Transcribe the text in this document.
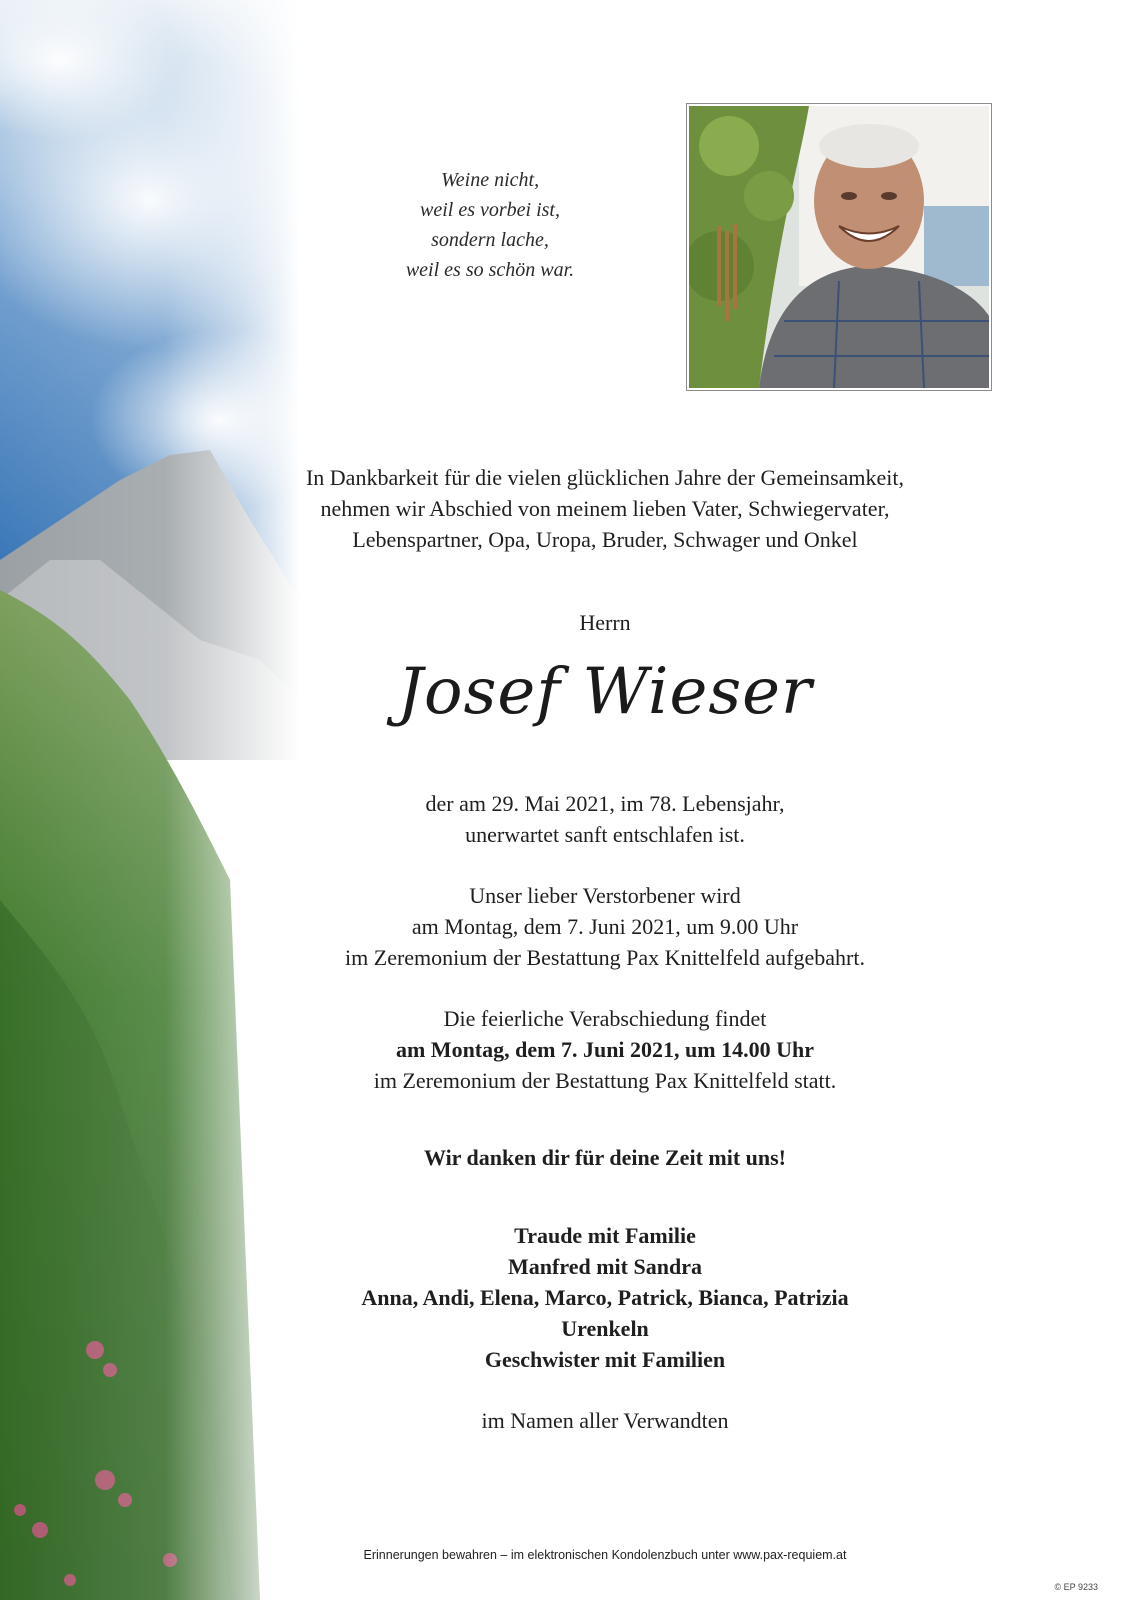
Weine nicht,
weil es vorbei ist,
sondern lache,
weil es so schön war.
In Dankbarkeit für die vielen glücklichen Jahre der Gemeinsamkeit,
nehmen wir Abschied von meinem lieben Vater, Schwiegervater,
Lebenspartner, Opa, Uropa, Bruder, Schwager und Onkel
Herrn
Josef Wieser
der am 29. Mai 2021, im 78. Lebensjahr,
unerwartet sanft entschlafen ist.
Unser lieber Verstorbener wird
am Montag, dem 7. Juni 2021, um 9.00 Uhr
im Zeremonium der Bestattung Pax Knittelfeld aufgebahrt.
Die feierliche Verabschiedung findet
am Montag, dem 7. Juni 2021, um 14.00 Uhr
im Zeremonium der Bestattung Pax Knittelfeld statt.
Wir danken dir für deine Zeit mit uns!
Traude mit Familie
Manfred mit Sandra
Anna, Andi, Elena, Marco, Patrick, Bianca, Patrizia
Urenkeln
Geschwister mit Familien
im Namen aller Verwandten
Erinnerungen bewahren – im elektronischen Kondolenzbuch unter www.pax-requiem.at
© EP 9233
